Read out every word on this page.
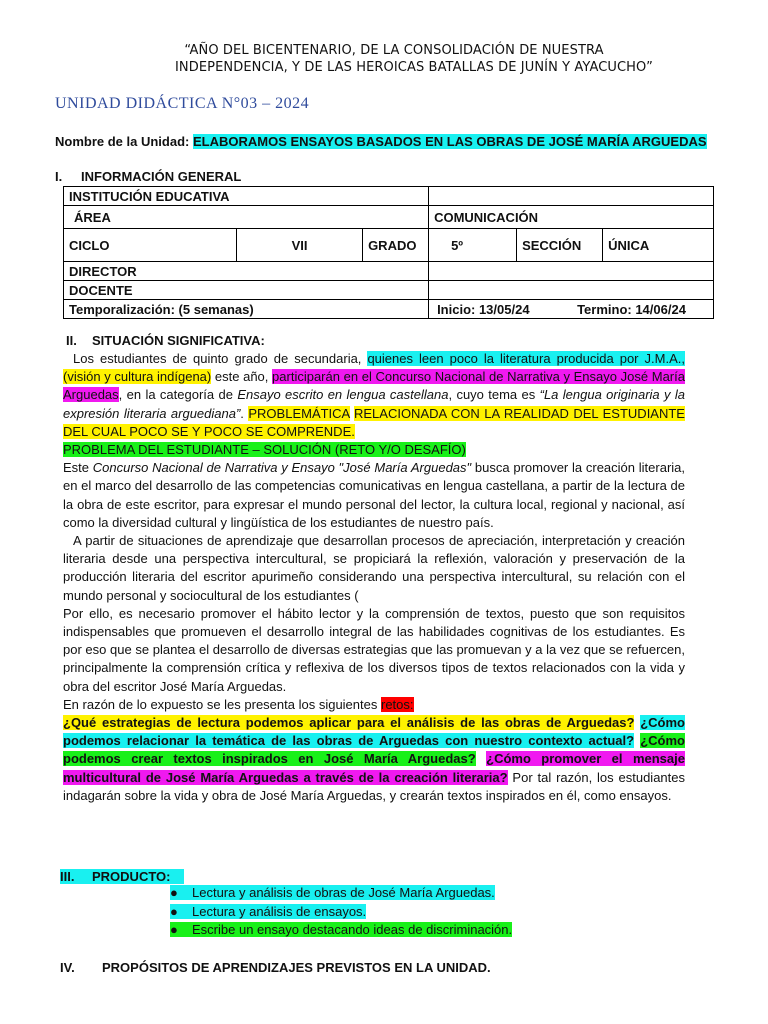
“AÑO DEL BICENTENARIO, DE LA CONSOLIDACIÓN DE NUESTRA
INDEPENDENCIA, Y DE LAS HEROICAS BATALLAS DE JUNÍN Y AYACUCHO”
UNIDAD DIDÁCTICA N°03 – 2024
Nombre de la Unidad: ELABORAMOS ENSAYOS BASADOS EN LAS OBRAS DE JOSÉ MARÍA ARGUEDAS
I. INFORMACIÓN GENERAL
INSTITUCIÓN EDUCATIVA					
ÁREA			COMUNICACIÓN		
CICLO	VII	GRADO	5º	SECCIÓN	ÚNICA
DIRECTOR					
DOCENTE					
Temporalización: (5 semanas)			Inicio: 13/05/24 Termino: 14/06/24		
II. SITUACIÓN SIGNIFICATIVA:

Los estudiantes de quinto grado de secundaria, quienes leen poco la literatura producida por J.M.A., (visión y cultura indígena) este año, participarán en el Concurso Nacional de Narrativa y Ensayo José María Arguedas, en la categoría de Ensayo escrito en lengua castellana, cuyo tema es “La lengua originaria y la expresión literaria arguediana”. PROBLEMÁTICA RELACIONADA CON LA REALIDAD DEL ESTUDIANTE DEL CUAL POCO SE Y POCO SE COMPRENDE.

PROBLEMA DEL ESTUDIANTE – SOLUCIÓN (RETO Y/O DESAFÍO)

Este Concurso Nacional de Narrativa y Ensayo "José María Arguedas" busca promover la creación literaria, en el marco del desarrollo de las competencias comunicativas en lengua castellana, a partir de la lectura de la obra de este escritor, para expresar el mundo personal del lector, la cultura local, regional y nacional, así como la diversidad cultural y lingüística de los estudiantes de nuestro país.

A partir de situaciones de aprendizaje que desarrollan procesos de apreciación, interpretación y creación literaria desde una perspectiva intercultural, se propiciará la reflexión, valoración y preservación de la producción literaria del escritor apurimeño considerando una perspectiva intercultural, su relación con el mundo personal y sociocultural de los estudiantes (

Por ello, es necesario promover el hábito lector y la comprensión de textos, puesto que son requisitos indispensables que promueven el desarrollo integral de las habilidades cognitivas de los estudiantes. Es por eso que se plantea el desarrollo de diversas estrategias que las promuevan y a la vez que se refuercen, principalmente la comprensión crítica y reflexiva de los diversos tipos de textos relacionados con la vida y obra del escritor José María Arguedas.

En razón de lo expuesto se les presenta los siguientes retos:

¿Qué estrategias de lectura podemos aplicar para el análisis de las obras de Arguedas? ¿Cómo podemos relacionar la temática de las obras de Arguedas con nuestro contexto actual? ¿Cómo podemos crear textos inspirados en José María Arguedas? ¿Cómo promover el mensaje multicultural de José María Arguedas a través de la creación literaria? Por tal razón, los estudiantes indagarán sobre la vida y obra de José María Arguedas, y crearán textos inspirados en él, como ensayos.

III. PRODUCTO:
● Lectura y análisis de obras de José María Arguedas.
● Lectura y análisis de ensayos.
● Escribe un ensayo destacando ideas de discriminación.
IV. PROPÓSITOS DE APRENDIZAJES PREVISTOS EN LA UNIDAD.
